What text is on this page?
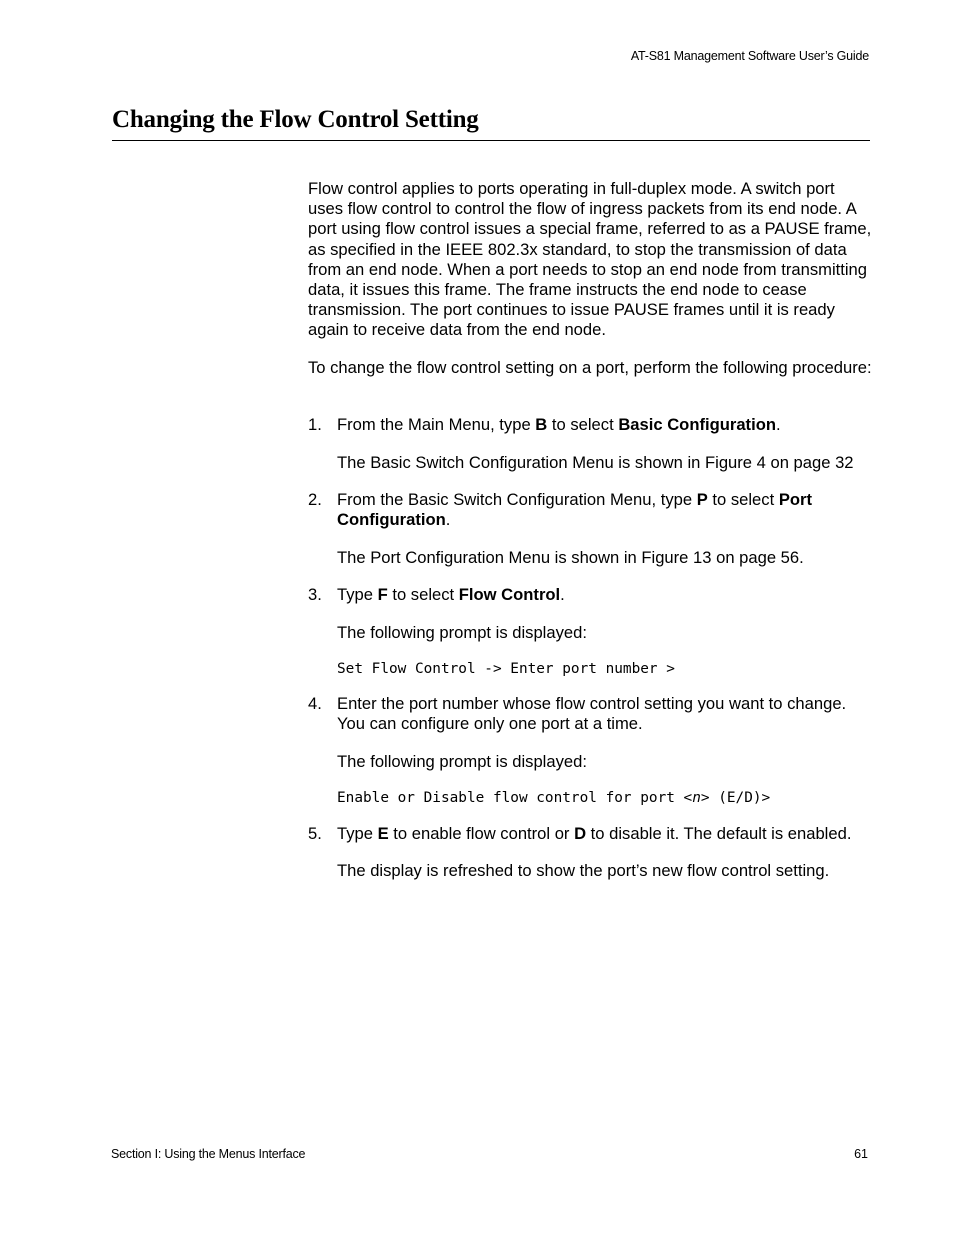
AT-S81 Management Software User’s Guide
Changing the Flow Control Setting

Flow control applies to ports operating in full-duplex mode. A switch port uses flow control to control the flow of ingress packets from its end node. A port using flow control issues a special frame, referred to as a PAUSE frame, as specified in the IEEE 802.3x standard, to stop the transmission of data from an end node. When a port needs to stop an end node from transmitting data, it issues this frame. The frame instructs the end node to cease transmission. The port continues to issue PAUSE frames until it is ready again to receive data from the end node.

To change the flow control setting on a port, perform the following procedure:

1. From the Main Menu, type B to select Basic Configuration.

The Basic Switch Configuration Menu is shown in Figure 4 on page 32

2. From the Basic Switch Configuration Menu, type P to select Port Configuration.

The Port Configuration Menu is shown in Figure 13 on page 56.

3. Type F to select Flow Control.

The following prompt is displayed:

Set Flow Control -> Enter port number >
4. Enter the port number whose flow control setting you want to change. You can configure only one port at a time.

The following prompt is displayed:

Enable or Disable flow control for port <n> (E/D)>
5. Type E to enable flow control or D to disable it. The default is enabled.

The display is refreshed to show the port’s new flow control setting.

Section I: Using the Menus Interface	61
